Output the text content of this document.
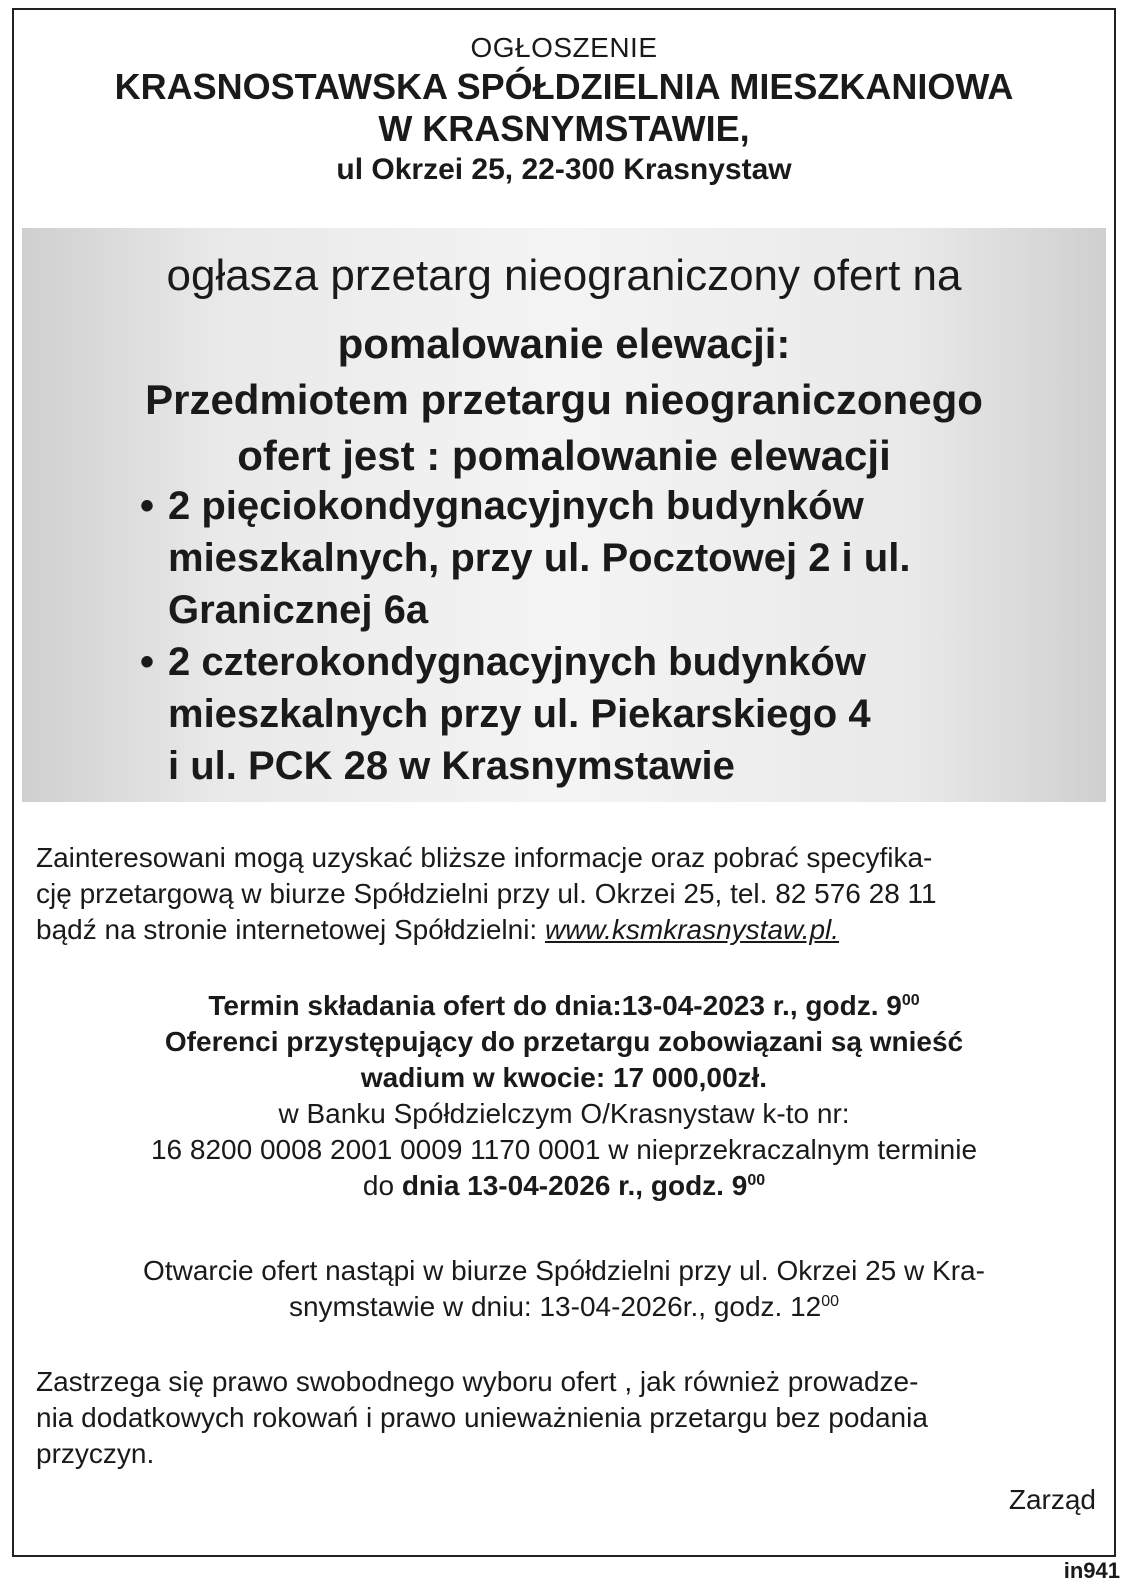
OGŁOSZENIE
KRASNOSTAWSKA SPÓŁDZIELNIA MIESZKANIOWA
W KRASNYMSTAWIE,
ul Okrzei 25, 22-300 Krasnystaw
ogłasza przetarg nieograniczony ofert na
pomalowanie elewacji:
Przedmiotem przetargu nieograniczonego
ofert jest : pomalowanie elewacji
• 2 pięciokondygnacyjnych budynków
mieszkalnych, przy ul. Pocztowej 2 i ul.
Granicznej 6a
• 2 czterokondygnacyjnych budynków
mieszkalnych przy ul. Piekarskiego 4
i ul. PCK 28 w Krasnymstawie
Zainteresowani mogą uzyskać bliższe informacje oraz pobrać specyfika-
cję przetargową w biurze Spółdzielni przy ul. Okrzei 25, tel. 82 576 28 11
bądź na stronie internetowej Spółdzielni: www.ksmkrasnystaw.pl.
Termin składania ofert do dnia:13-04-2023 r., godz. $9^{00}$
Oferenci przystępujący do przetargu zobowiązani są wnieść
wadium w kwocie: 17 000,00zł.
w Banku Spółdzielczym O/Krasnystaw k-to nr:
16 8200 0008 2001 0009 1170 0001 w nieprzekraczalnym terminie
do dnia 13-04-2026 r., godz. $9^{00}$
Otwarcie ofert nastąpi w biurze Spółdzielni przy ul. Okrzei 25 w Kra-
snymstawie w dniu: 13-04-2026r., godz. $12^{00}$
Zastrzega się prawo swobodnego wyboru ofert , jak również prowadze-
nia dodatkowych rokowań i prawo unieważnienia przetargu bez podania
przyczyn.
Zarząd
in941
